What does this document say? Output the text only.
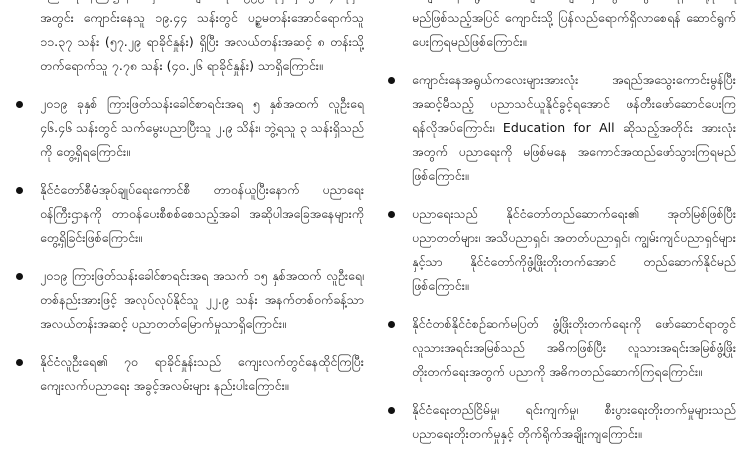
အတွင်း ကျောင်းနေသူ ၁၉.၄၄ သန်းတွင် ပဥ္စမတန်းအောင်ရောက်သူ ၁၁.၃၇ သန်း (၅၇.၂၉ ရာခိုင်နှုန်း) ရှိပြီး အလယ်တန်းအဆင့် ၈ တန်းသို့ တက်ရောက်သူ ၇.၇၈ သန်း (၄၀.၂၆ ရာခိုင်နှုန်း) သာရှိကြောင်း။
၂၀၁၉ ခုနှစ် ကြားဖြတ်သန်းခေါင်စာရင်းအရ ၅ နှစ်အထက် လူဦးရေ ၄၆.၄၆ သန်းတွင် သက်မွေးပညာပြီးသူ ၂.၉ သိန်း၊ ဘွဲ့ရသူ ၃ သန်းရှိသည်ကို တွေ့ရှိရကြောင်း။
နိုင်ငံတော်စီမံအုပ်ချုပ်ရေးကောင်စီ တာဝန်ယူပြီးနောက် ပညာရေးဝန်ကြီးဌာနကို တာဝန်ပေးစီစစ်စေသည့်အခါ အဆိုပါအခြေအနေများကို တွေ့ရှိခြင်းဖြစ်ကြောင်း။
၂၀၁၉ ကြားဖြတ်သန်းခေါင်စာရင်းအရ အသက် ၁၅ နှစ်အထက် လူဦးရေ၊ တစ်နည်းအားဖြင့် အလုပ်လုပ်နိုင်သူ ၂၂.၉ သန်း အနက်တစ်ဝက်ခန့်သာ အလယ်တန်းအဆင့် ပညာတတ်မြောက်မှုသာရှိကြောင်း။
နိုင်ငံလူဦးရေ၏ ၇၀ ရာခိုင်နှုန်းသည် ကျေးလက်တွင်နေထိုင်ကြပြီး ကျေးလက်ပညာရေး အခွင့်အလမ်းများ နည်းပါးကြောင်း။
မည်ဖြစ်သည့်အပြင် ကျောင်းသို့ ပြန်လည်ရောက်ရှိလာစေရန် ဆောင်ရွက်ပေးကြရမည်ဖြစ်ကြောင်း။
ကျောင်းနေအရွယ်ကလေးများအားလုံး အရည်အသွေးကောင်းမွန်ပြီး အဆင့်မီသည့် ပညာသင်ယူနိုင်ခွင့်ရအောင် ဖန်တီးဖော်ဆောင်ပေးကြရန်လိုအပ်ကြောင်း၊ Education for All ဆိုသည့်အတိုင်း အားလုံးအတွက် ပညာရေးကို မဖြစ်မနေ အကောင်အထည်ဖော်သွားကြရမည်ဖြစ်ကြောင်း။
ပညာရေးသည် နိုင်ငံတော်တည်ဆောက်ရေး၏ အုတ်မြစ်ဖြစ်ပြီး ပညာတတ်များ၊ အသိပညာရှင်၊ အတတ်ပညာရှင်၊ ကျွမ်းကျင်ပညာရှင်များနှင့်သာ နိုင်ငံတော်ကိုဖွံ့ဖြိုးတိုးတက်အောင် တည်ဆောက်နိုင်မည်ဖြစ်ကြောင်း။
နိုင်ငံတစ်နိုင်ငံစဉ်ဆက်မပြတ် ဖွံ့ဖြိုးတိုးတက်ရေးကို ဖော်ဆောင်ရာတွင် လူသားအရင်းအမြစ်သည် အဓိကဖြစ်ပြီး လူသားအရင်းအမြစ်ဖွံ့ဖြိုးတိုးတက်ရေးအတွက် ပညာကို အဓိကတည်ဆောက်ကြရကြောင်း။
နိုင်ငံရေးတည်ငြိမ်မှု၊ ရင်းကျက်မှု၊ စီးပွားရေးတိုးတက်မှုများသည် ပညာရေးတိုးတက်မှုနှင့် တိုက်ရိုက်အချိုးကျကြောင်း။
